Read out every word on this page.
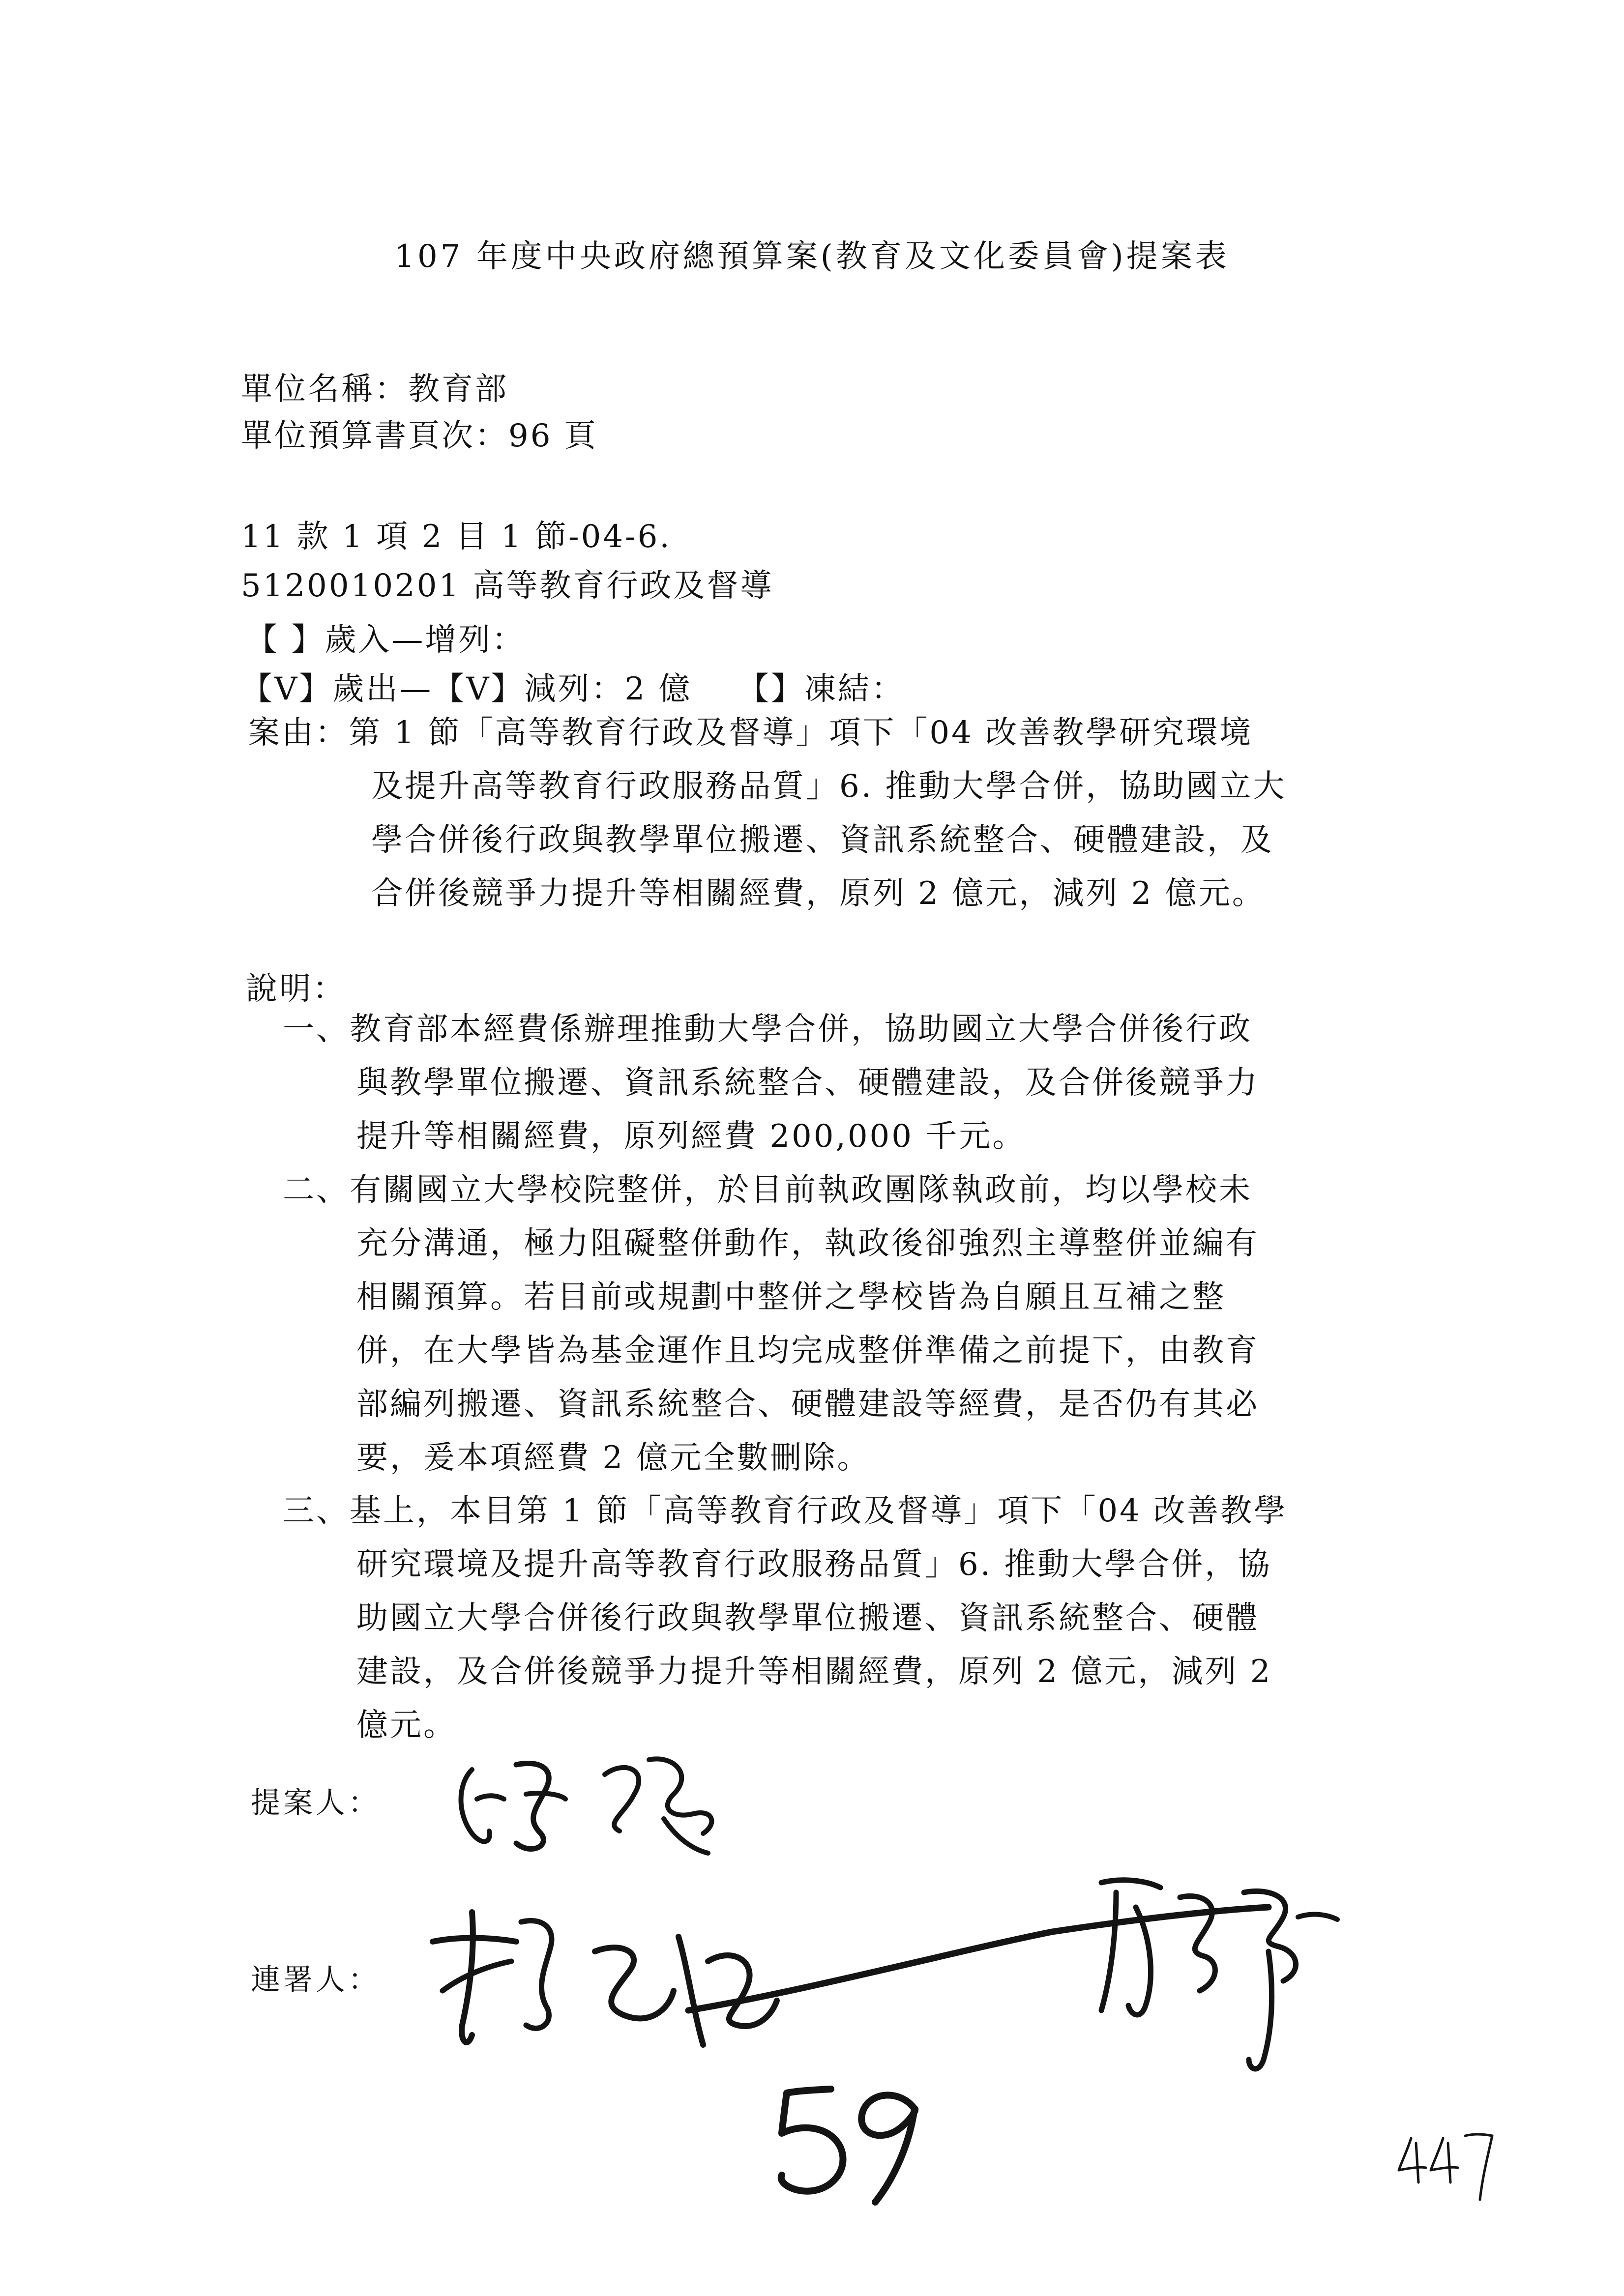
107 年度中央政府總預算案(教育及文化委員會)提案表
單位名稱：教育部
單位預算書頁次：96 頁
11 款 1 項 2 目 1 節-04-6.
5120010201 高等教育行政及督導
【 】歲入—增列：
【V】歲出—【V】減列：2 億　 【】凍結：
案由：第 1 節「高等教育行政及督導」項下「04 改善教學研究環境
及提升高等教育行政服務品質」6. 推動大學合併，協助國立大
學合併後行政與教學單位搬遷、資訊系統整合、硬體建設，及
合併後競爭力提升等相關經費，原列 2 億元，減列 2 億元。
說明：
一、教育部本經費係辦理推動大學合併，協助國立大學合併後行政
與教學單位搬遷、資訊系統整合、硬體建設，及合併後競爭力
提升等相關經費，原列經費 200,000 千元。
二、有關國立大學校院整併，於目前執政團隊執政前，均以學校未
充分溝通，極力阻礙整併動作，執政後卻強烈主導整併並編有
相關預算。若目前或規劃中整併之學校皆為自願且互補之整
併，在大學皆為基金運作且均完成整併準備之前提下，由教育
部編列搬遷、資訊系統整合、硬體建設等經費，是否仍有其必
要，爰本項經費 2 億元全數刪除。
三、基上，本目第 1 節「高等教育行政及督導」項下「04 改善教學
研究環境及提升高等教育行政服務品質」6. 推動大學合併，協
助國立大學合併後行政與教學單位搬遷、資訊系統整合、硬體
建設，及合併後競爭力提升等相關經費，原列 2 億元，減列 2
億元。
提案人：
連署人：
